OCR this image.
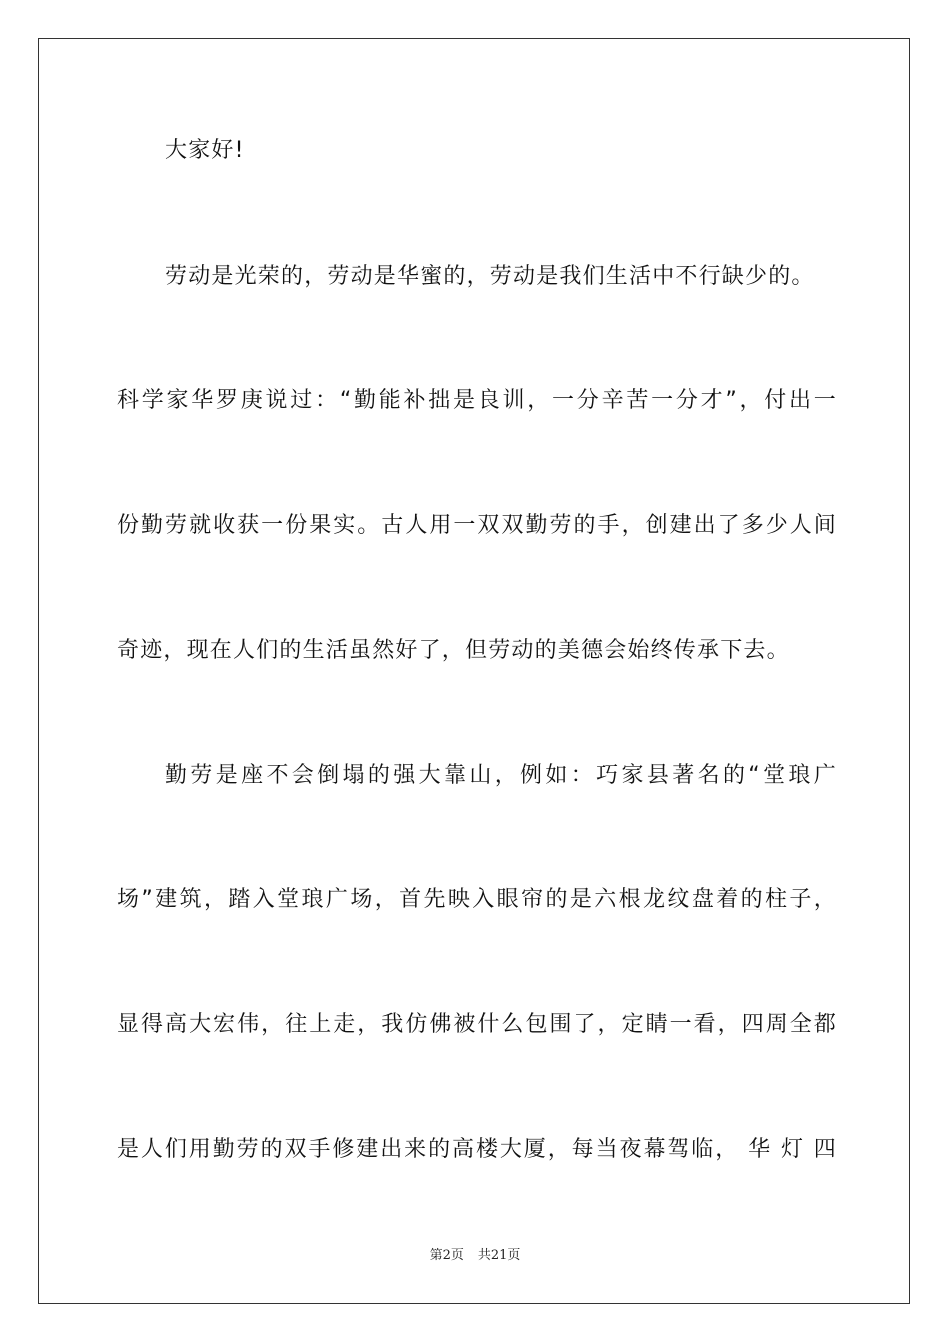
大家好!
劳动是光荣的，劳动是华蜜的，劳动是我们生活中不行缺少的。
科学家华罗庚说过：“勤能补拙是良训，一分辛苦一分才”，付出一
份勤劳就收获一份果实。古人用一双双勤劳的手，创建出了多少人间
奇迹，现在人们的生活虽然好了，但劳动的美德会始终传承下去。
勤劳是座不会倒塌的强大靠山，例如：巧家县著名的“堂琅广
场”建筑，踏入堂琅广场，首先映入眼帘的是六根龙纹盘着的柱子，
显得高大宏伟，往上走，我仿佛被什么包围了，定睛一看，四周全都
是人们用勤劳的双手修建出来的高楼大厦，每当夜幕驾临， 华 灯 四
第2页 共21页
